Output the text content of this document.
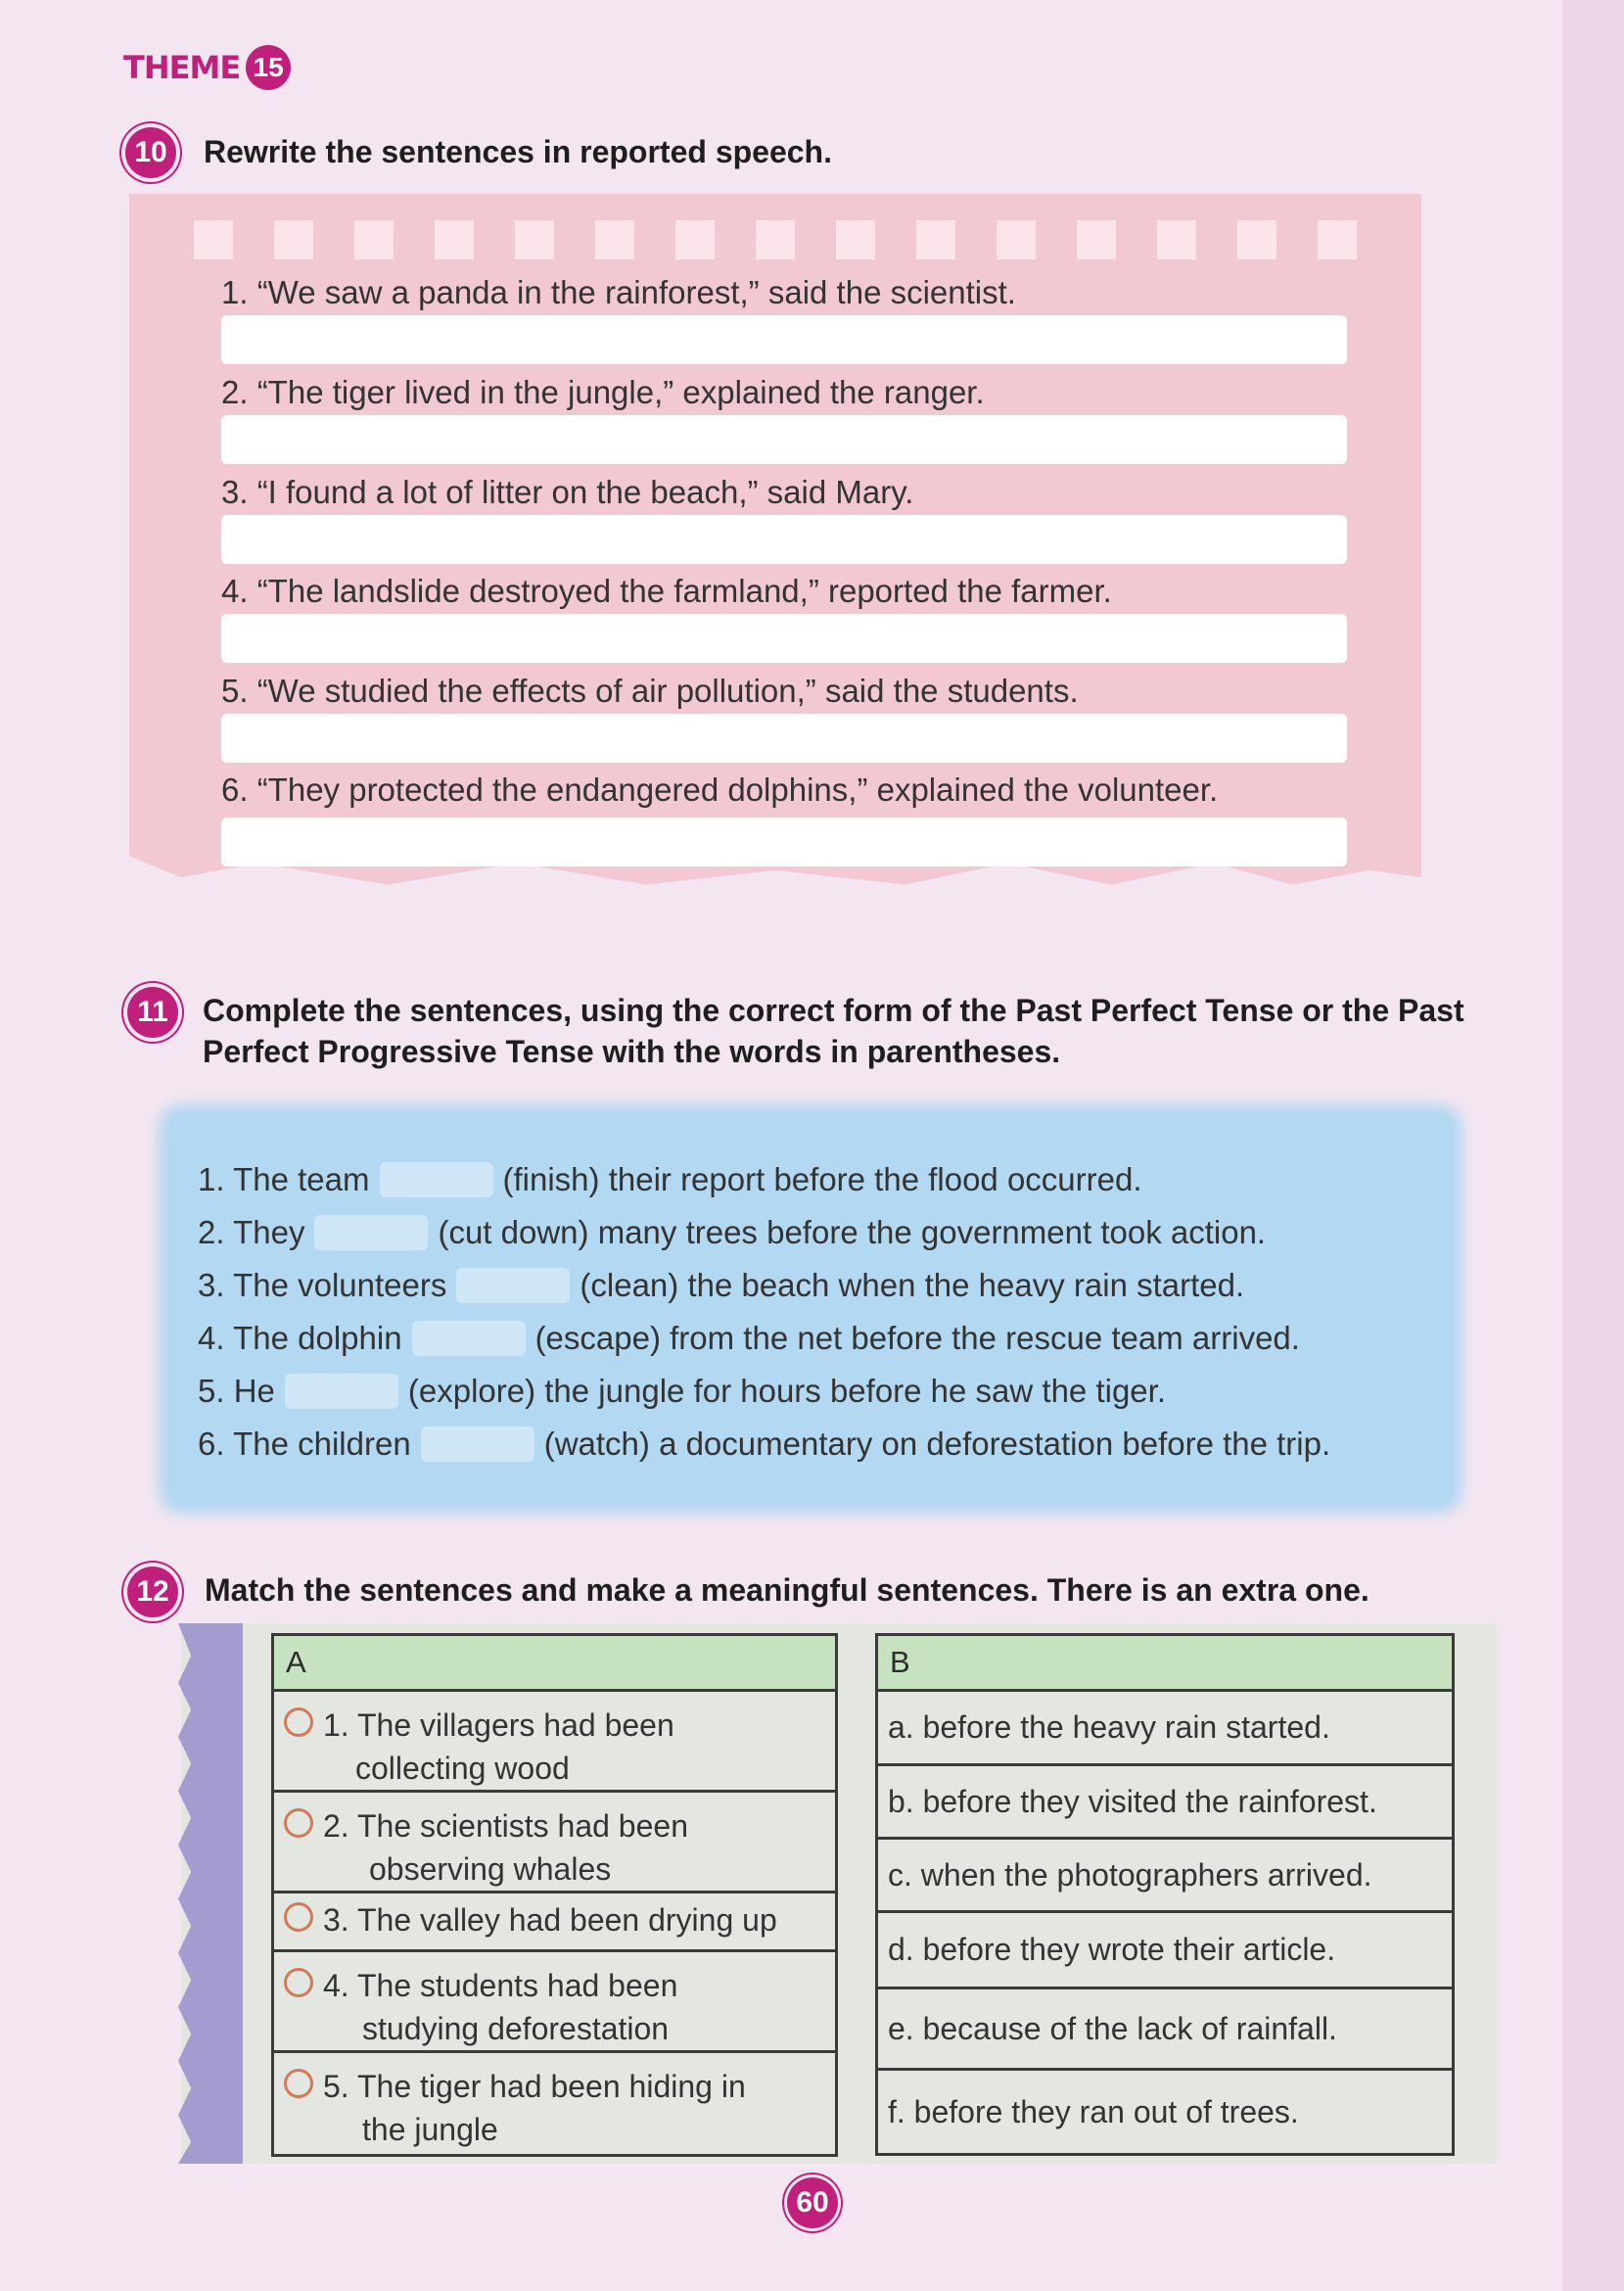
THEME 15
10 Rewrite the sentences in reported speech.
1. “We saw a panda in the rainforest,” said the scientist.
2. “The tiger lived in the jungle,” explained the ranger.
3. “I found a lot of litter on the beach,” said Mary.
4. “The landslide destroyed the farmland,” reported the farmer.
5. “We studied the effects of air pollution,” said the students.
6. “They protected the endangered dolphins,” explained the volunteer.
11	Complete the sentences, using the correct form of the Past Perfect Tense or the Past
Perfect Progressive Tense with the words in parentheses.
1. The team	(finish)
their report before the flood occurred.
2. They	(cut down)
many trees before the government took action.
3. The volunteers	(clean)
the beach when the heavy rain started.
4. The dolphin	(escape)
from the net before the rescue team arrived.
5. He	(explore)
the jungle for hours before he saw the tiger.
6. The children	(watch)
a documentary on deforestation before the trip.
12 Match the sentences and make a meaningful sentences. There is an extra one.
A
1. The villagers had been
collecting wood
2. The scientists had been
observing whales
3. The valley had been drying up
4. The students had been
studying deforestation
5. The tiger had been hiding in
the jungle
B
a. before the heavy rain started.
b. before they visited the rainforest.
c. when the photographers arrived.
d. before they wrote their article.
e. because of the lack of rainfall.
f. before they ran out of trees.
60
